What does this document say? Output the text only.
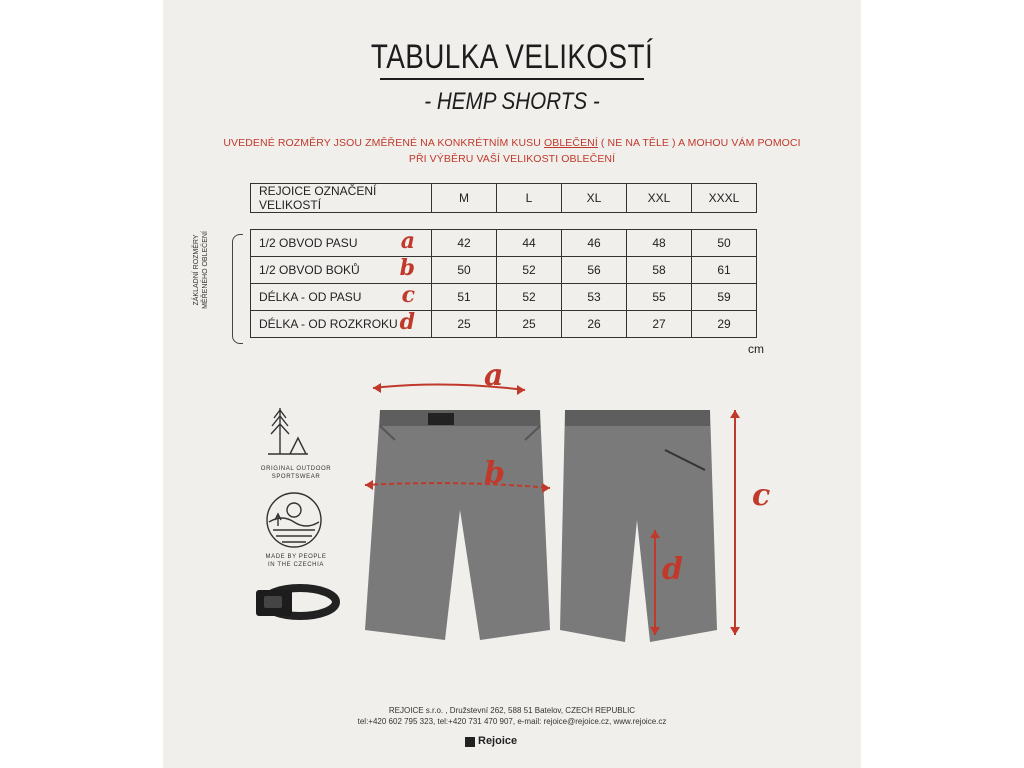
TABULKA VELIKOSTÍ
- HEMP SHORTS -
UVEDENÉ ROZMĚRY JSOU ZMĚŘENÉ NA KONKRÉTNÍM KUSU OBLEČENÍ ( NE NA TĚLE ) A MOHOU VÁM POMOCI
PŘI VÝBĚRU VAŠÍ VELIKOSTI OBLEČENÍ
REJOICE OZNAČENÍ VELIKOSTÍ	M	L	XL	XXL	XXXL
1/2 OBVOD PASU a	42	44	46	48	50
1/2 OBVOD BOKŮ b	50	52	56	58	61
DÉLKA - OD PASU c	51	52	53	55	59
DÉLKA - OD ROZKROKU d	25	25	26	27	29
cm
ZÁKLADNÍ ROZMĚRY MĚŘENÉHO OBLEČENÍ
ORIGINAL OUTDOOR
SPORTSWEAR
MADE BY PEOPLE
IN THE CZECHIA
a
b
c
d
REJOICE s.r.o. , Družstevní 262, 588 51 Batelov, CZECH REPUBLIC
tel:+420 602 795 323, tel:+420 731 470 907, e-mail: rejoice@rejoice.cz, www.rejoice.cz
Rejoice
